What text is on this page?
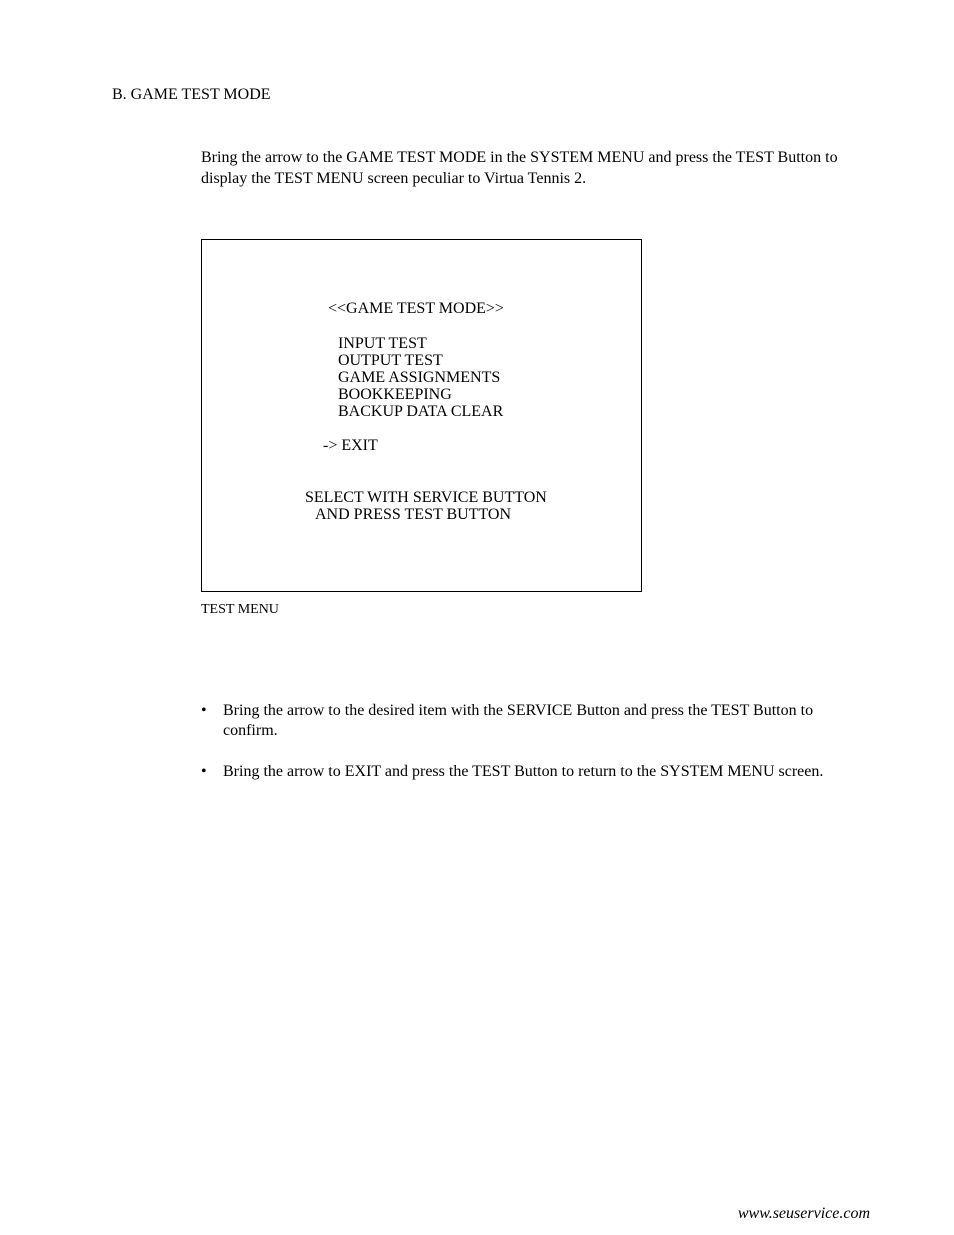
B. GAME TEST MODE
Bring the arrow to the GAME TEST MODE in the SYSTEM MENU and press the TEST Button to display the TEST MENU screen peculiar to Virtua Tennis 2.
<<GAME TEST MODE>>
INPUT TEST
OUTPUT TEST
GAME ASSIGNMENTS
BOOKKEEPING
BACKUP DATA CLEAR
-> EXIT
SELECT WITH SERVICE BUTTON
AND PRESS TEST BUTTON
TEST MENU
• Bring the arrow to the desired item with the SERVICE Button and press the TEST Button to confirm.
• Bring the arrow to EXIT and press the TEST Button to return to the SYSTEM MENU screen.
www.seuservice.com
